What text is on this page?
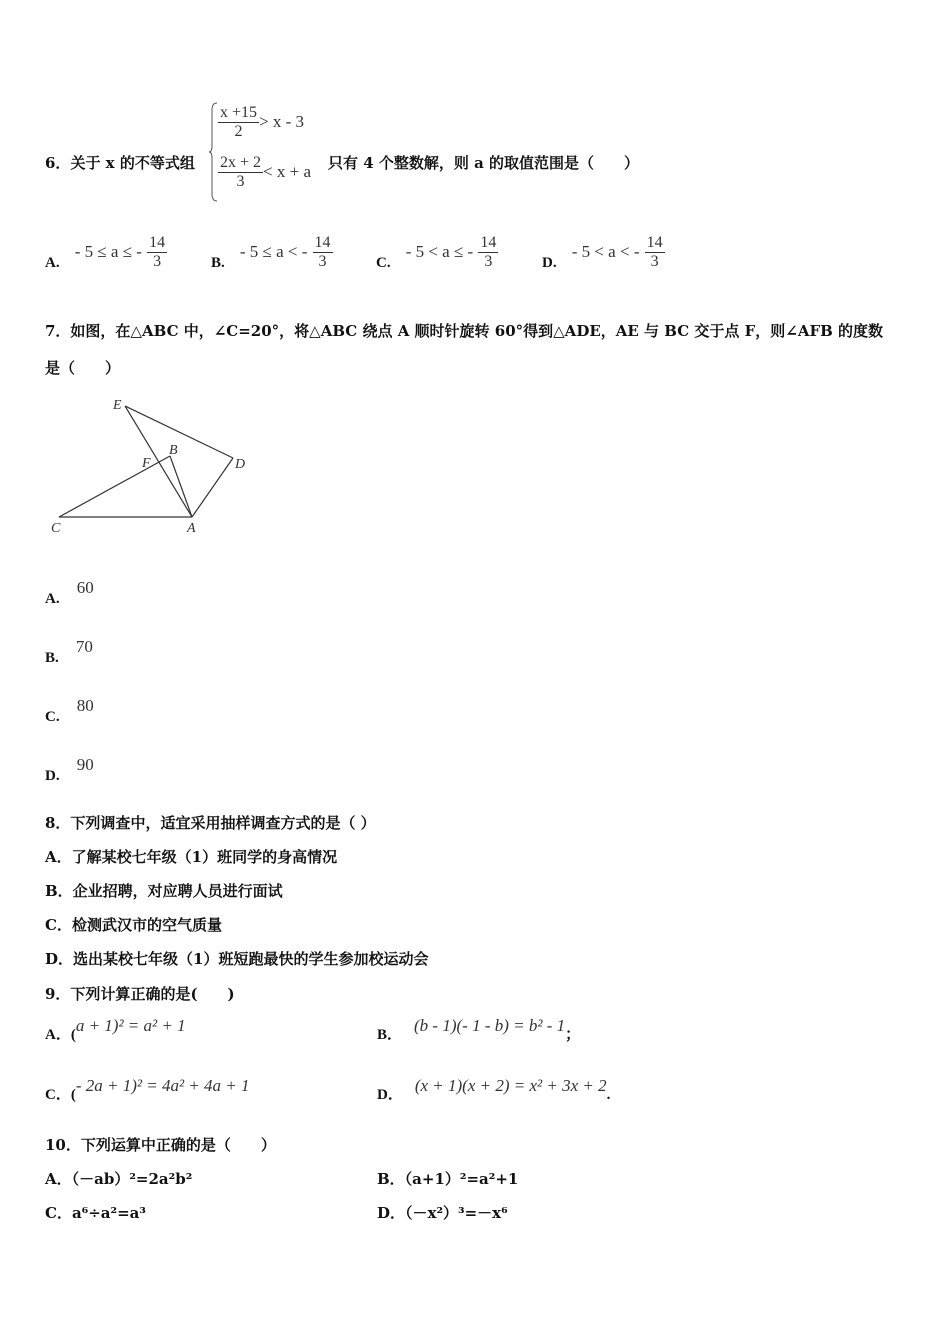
6．关于 x 的不等式组
$\frac{x +15}{2} > x - 3$
$\frac{2x + 2}{3} < x + a$ 只有 4 个整数解，则 a 的取值范围是（　　）
A. - 5 ≤ a ≤ - $\frac{14}{3}$	B. - 5 ≤ a < - $\frac{14}{3}$	C. - 5 < a ≤ - $\frac{14}{3}$	D. - 5 < a < - $\frac{14}{3}$
7．如图，在△ABC 中，∠C=20°，将△ABC 绕点 A 顺时针旋转 60°得到△ADE，AE 与 BC 交于点 F，则∠AFB 的度数
是（　　）
E
B
F	D
C	A
A. 60
B. 70
C. 80
D. 90
8．下列调查中，适宜采用抽样调查方式的是（ ）
A．了解某校七年级（1）班同学的身高情况
B．企业招聘，对应聘人员进行面试
C．检测武汉市的空气质量
D．选出某校七年级（1）班短跑最快的学生参加校运动会
9．下列计算正确的是(　　)
A．(a + 1)² = a² + 1	B． (b - 1)(- 1 - b) = b² - 1；
C．(- 2a + 1)² = 4a² + 4a + 1	D． (x + 1)(x + 2) = x² + 3x + 2.
10．下列运算中正确的是（　　）
A．（－ab）²=2a²b²	B．（a+1）²=a²+1
C．a⁶÷a²=a³	D．（－x²）³=－x⁶
